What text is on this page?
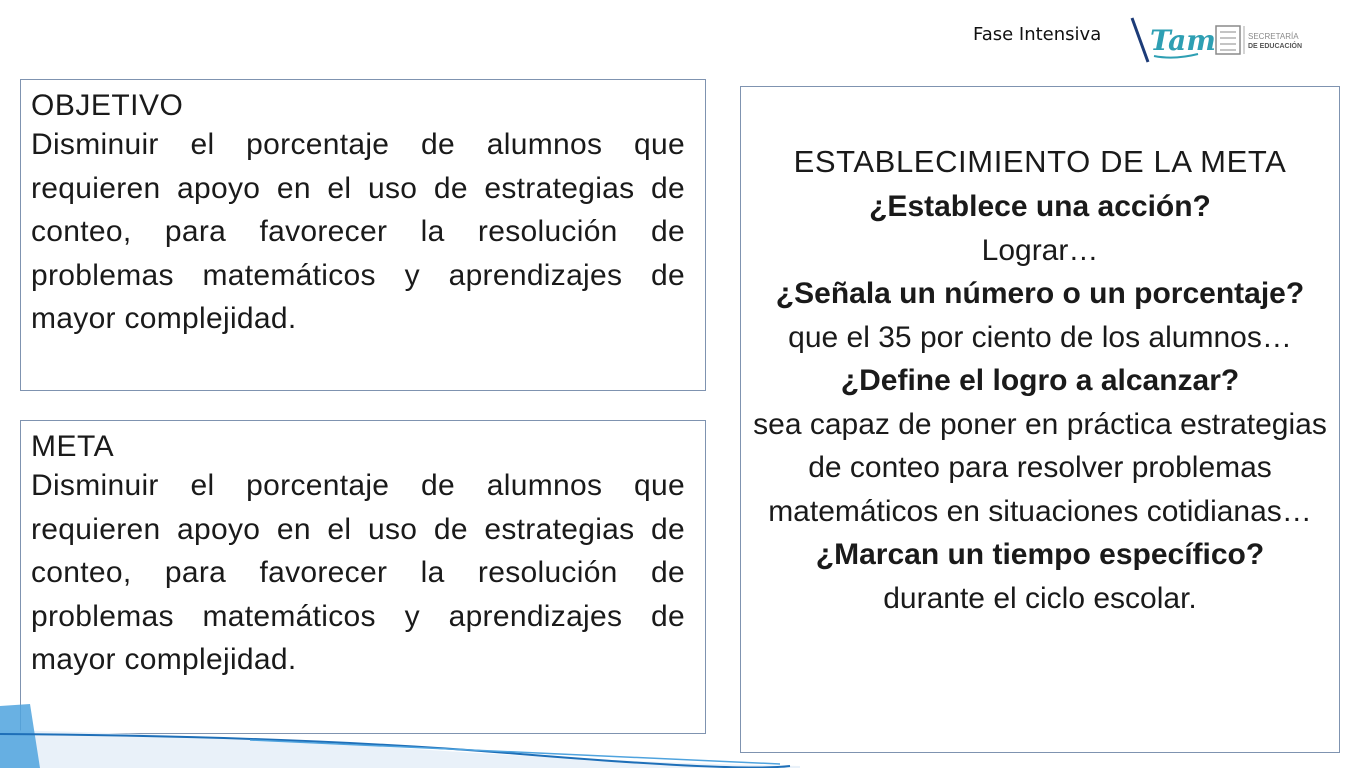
Fase Intensiva Tam	SECRETARÍA
DE EDUCACIÓN
OBJETIVO
Disminuir el porcentaje de alumnos que requieren apoyo en el uso de estrategias de conteo, para favorecer la resolución de problemas matemáticos y aprendizajes de mayor complejidad.
META
Disminuir el porcentaje de alumnos que requieren apoyo en el uso de estrategias de conteo, para favorecer la resolución de problemas matemáticos y aprendizajes de mayor complejidad.
ESTABLECIMIENTO DE LA META
¿Establece una acción?
Lograr…
¿Señala un número o un porcentaje?
que el 35 por ciento de los alumnos…
¿Define el logro a alcanzar?
sea capaz de poner en práctica estrategias de conteo para resolver problemas matemáticos en situaciones cotidianas…
¿Marcan un tiempo específico?
durante el ciclo escolar.
